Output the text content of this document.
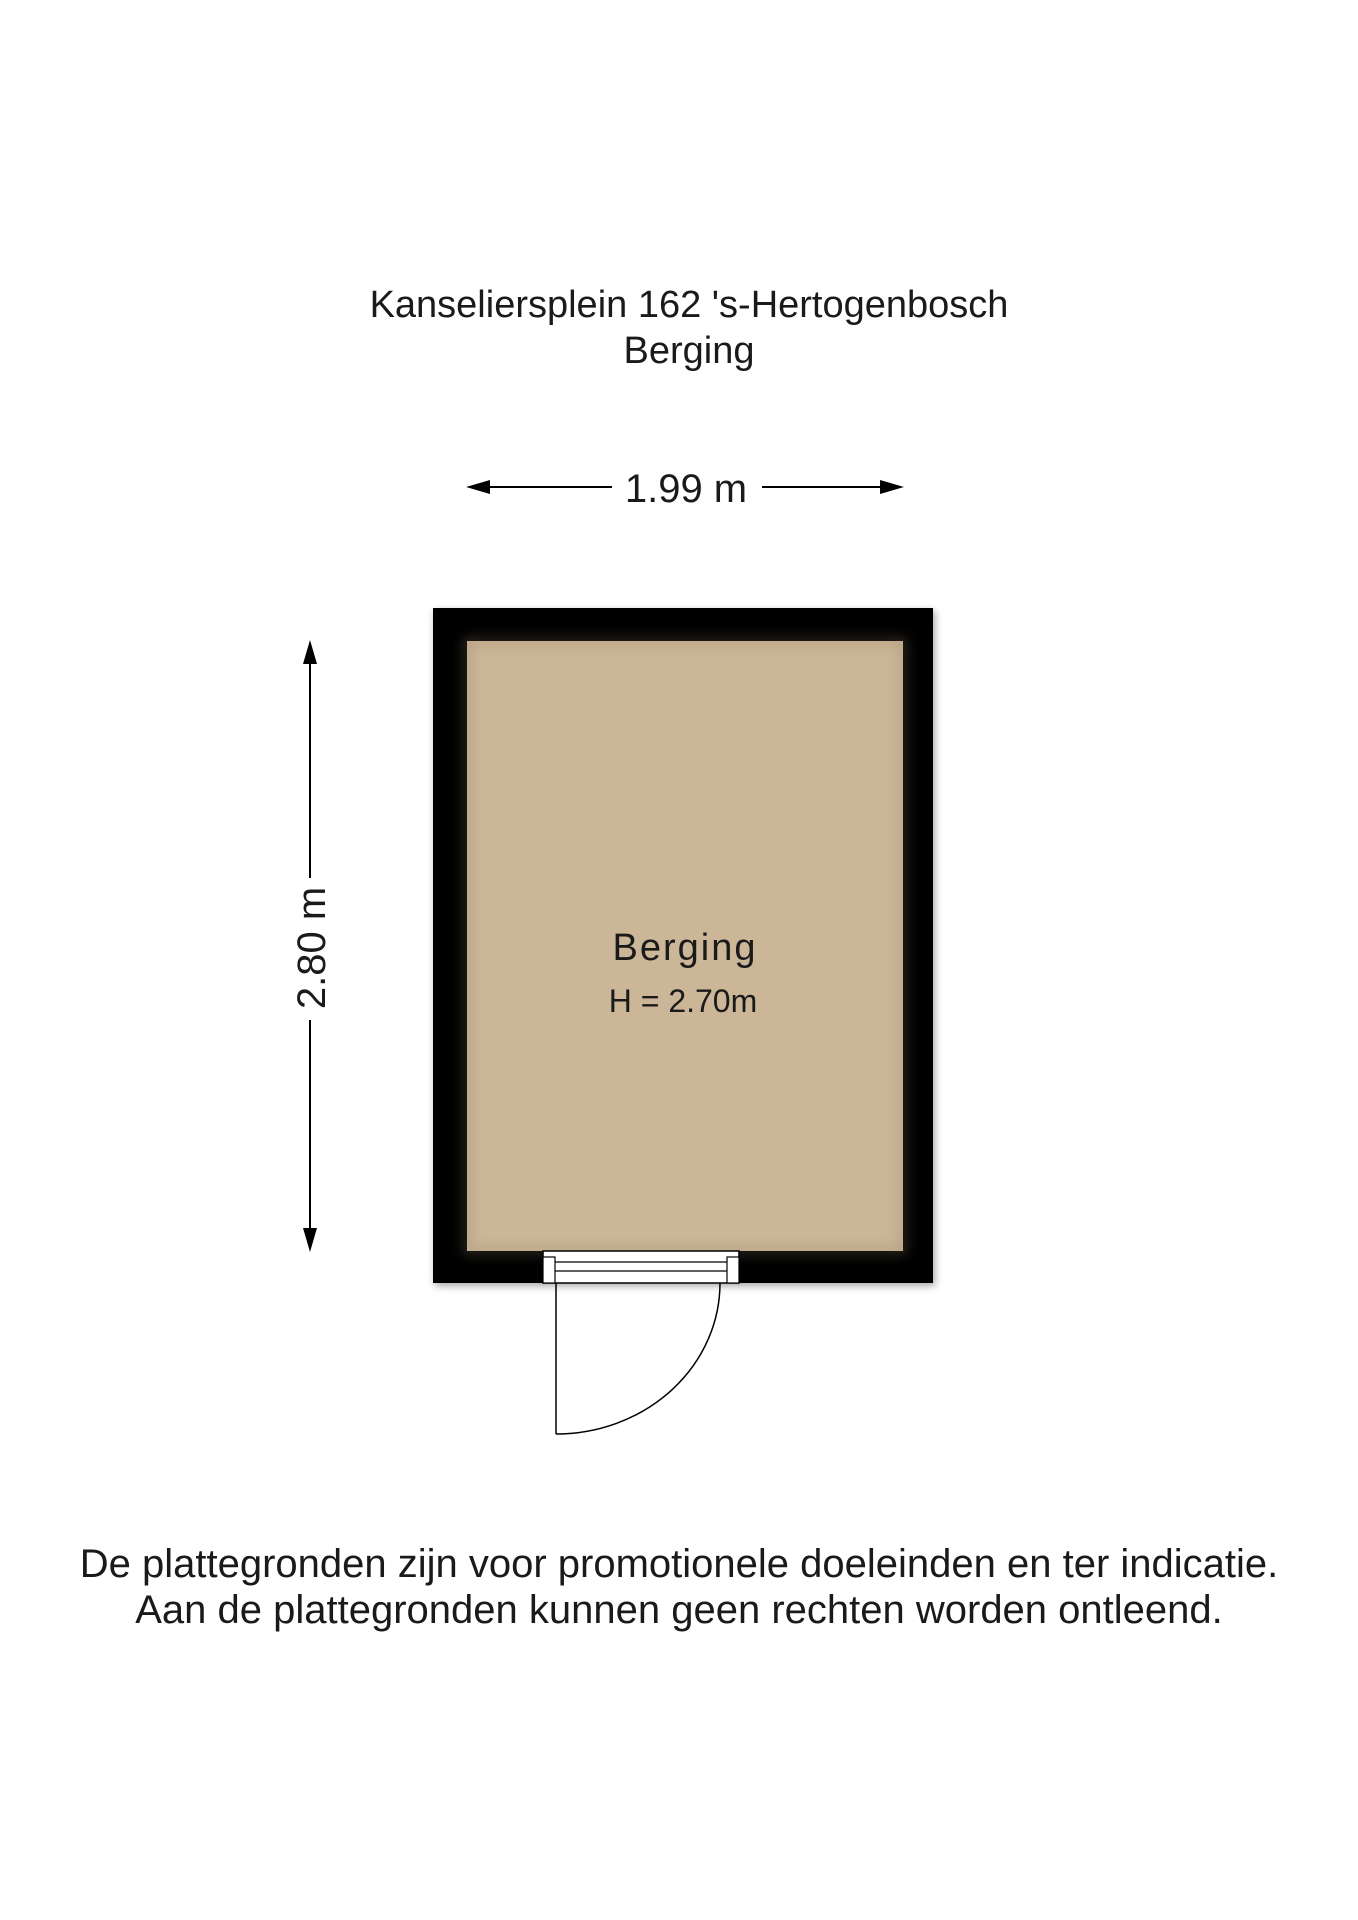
Kanseliersplein 162 's-Hertogenbosch
Berging
1.99 m
2.80 m	Berging
H = 2.70m
De plattegronden zijn voor promotionele doeleinden en ter indicatie.
Aan de plattegronden kunnen geen rechten worden ontleend.
